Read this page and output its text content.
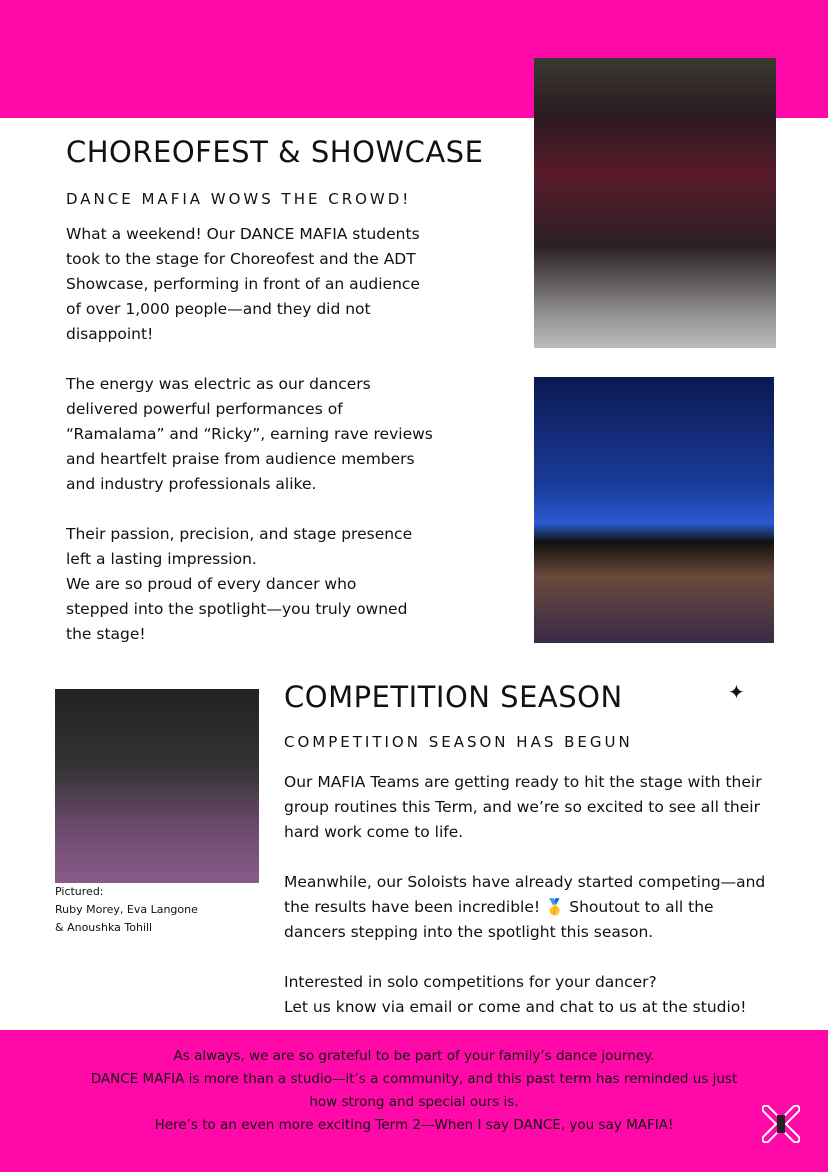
CHOREOFEST & SHOWCASE
DANCE MAFIA WOWS THE CROWD!
What a weekend! Our DANCE MAFIA students
took to the stage for Choreofest and the ADT
Showcase, performing in front of an audience
of over 1,000 people—and they did not
disappoint!

The energy was electric as our dancers
delivered powerful performances of
“Ramalama” and “Ricky”, earning rave reviews
and heartfelt praise from audience members
and industry professionals alike.

Their passion, precision, and stage presence
left a lasting impression.
We are so proud of every dancer who
stepped into the spotlight—you truly owned
the stage!
Pictured:
Ruby Morey, Eva Langone
& Anoushka Tohill
COMPETITION SEASON	✦
COMPETITION SEASON HAS BEGUN
Our MAFIA Teams are getting ready to hit the stage with their
group routines this Term, and we’re so excited to see all their
hard work come to life.

Meanwhile, our Soloists have already started competing—and
the results have been incredible! 🥇 Shoutout to all the
dancers stepping into the spotlight this season.

Interested in solo competitions for your dancer?
Let us know via email or come and chat to us at the studio!
As always, we are so grateful to be part of your family’s dance journey.
DANCE MAFIA is more than a studio—it’s a community, and this past term has reminded us just
how strong and special ours is.
Here’s to an even more exciting Term 2—When I say DANCE, you say MAFIA!
